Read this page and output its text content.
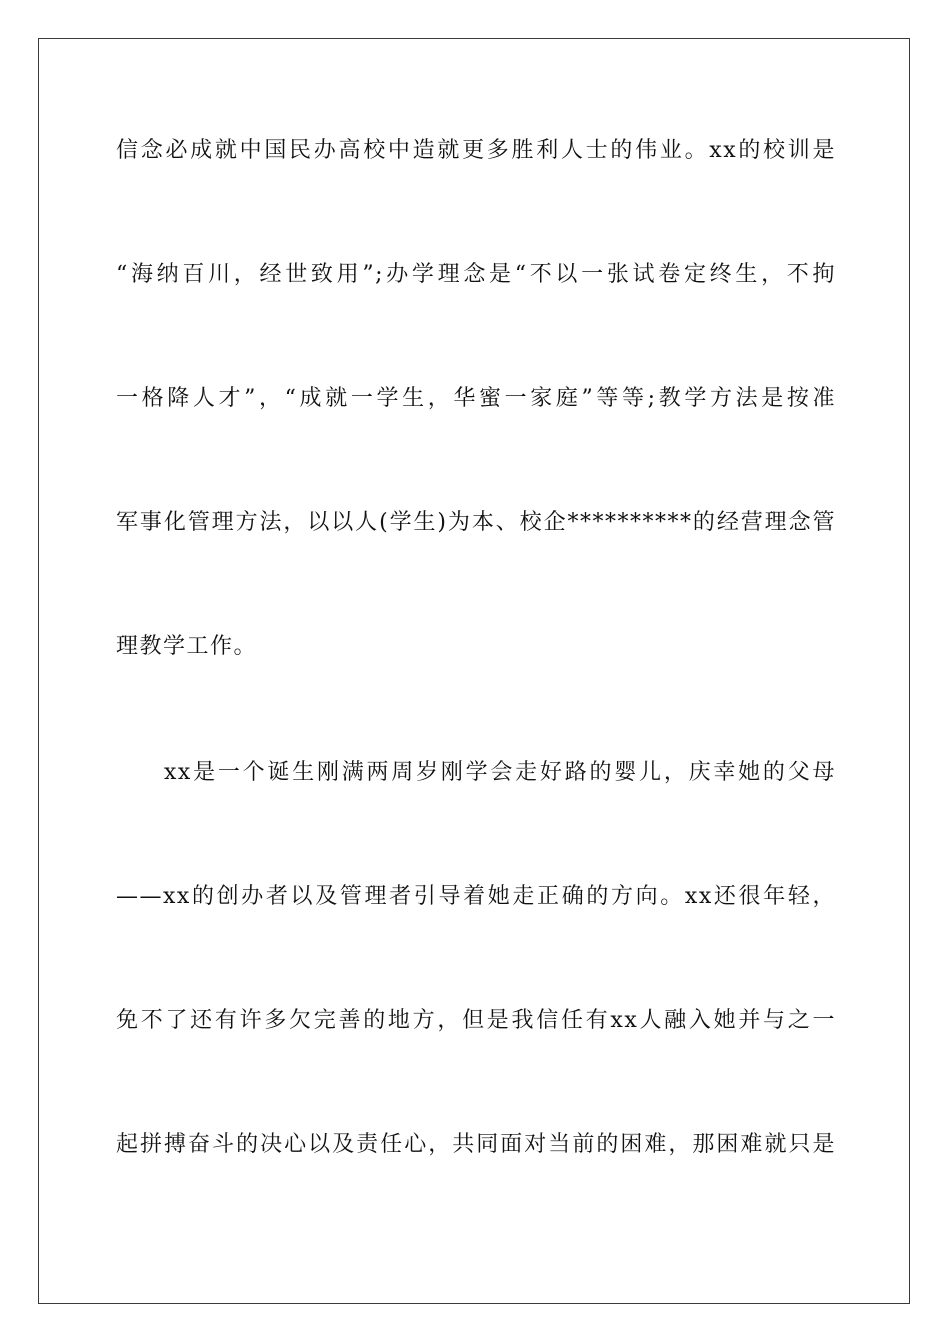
信念必成就中国民办高校中造就更多胜利人士的伟业。xx的校训是
“海纳百川，经世致用”;办学理念是“不以一张试卷定终生，不拘
一格降人才”，“成就一学生，华蜜一家庭”等等;教学方法是按准
军事化管理方法，以以人(学生)为本、校企**********的经营理念管
理教学工作。
xx是一个诞生刚满两周岁刚学会走好路的婴儿，庆幸她的父母
——xx的创办者以及管理者引导着她走正确的方向。xx还很年轻，
免不了还有许多欠完善的地方，但是我信任有xx人融入她并与之一
起拼搏奋斗的决心以及责任心，共同面对当前的困难，那困难就只是
